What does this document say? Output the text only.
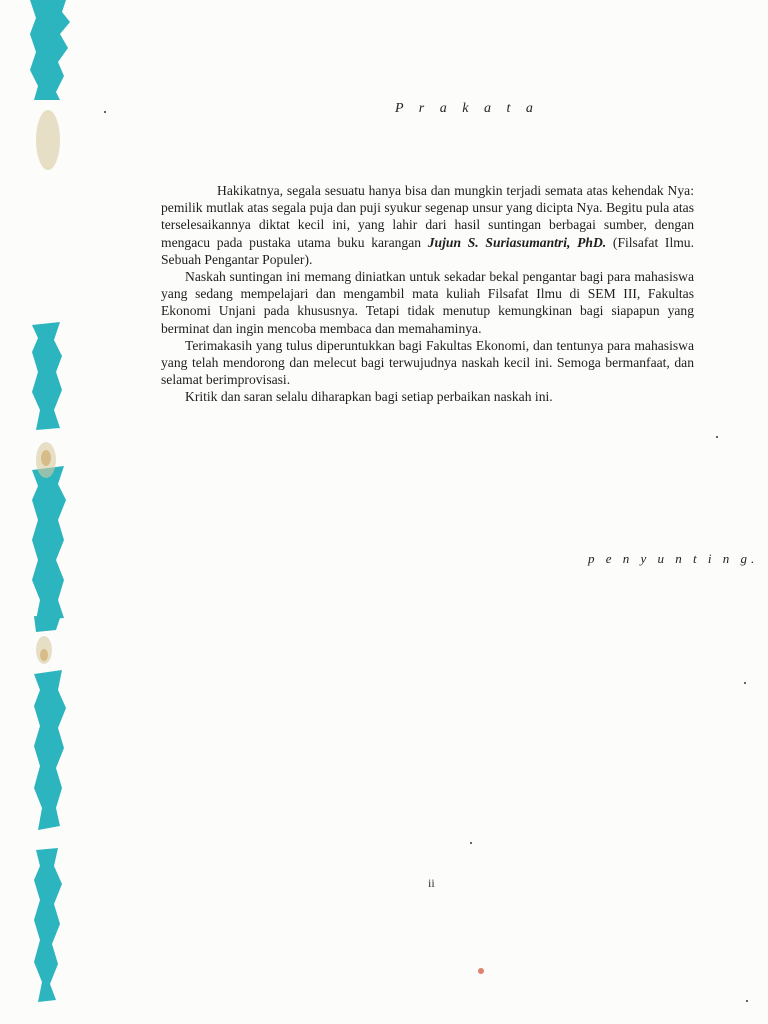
P r a k a t a

Hakikatnya, segala sesuatu hanya bisa dan mungkin terjadi semata atas kehendak Nya: pemilik mutlak atas segala puja dan puji syukur segenap unsur yang dicipta Nya. Begitu pula atas terselesaikannya diktat kecil ini, yang lahir dari hasil suntingan berbagai sumber, dengan mengacu pada pustaka utama buku karangan Jujun S. Suriasumantri, PhD. (Filsafat Ilmu. Sebuah Pengantar Populer).

Naskah suntingan ini memang diniatkan untuk sekadar bekal pengantar bagi para mahasiswa yang sedang mempelajari dan mengambil mata kuliah Filsafat Ilmu di SEM III, Fakultas Ekonomi Unjani pada khususnya. Tetapi tidak menutup kemungkinan bagi siapapun yang berminat dan ingin mencoba membaca dan memahaminya.

Terimakasih yang tulus diperuntukkan bagi Fakultas Ekonomi, dan tentunya para mahasiswa yang telah mendorong dan melecut bagi terwujudnya naskah kecil ini. Semoga bermanfaat, dan selamat berimprovisasi.

Kritik dan saran selalu diharapkan bagi setiap perbaikan naskah ini.

p e n y u n t i n g.
ii
